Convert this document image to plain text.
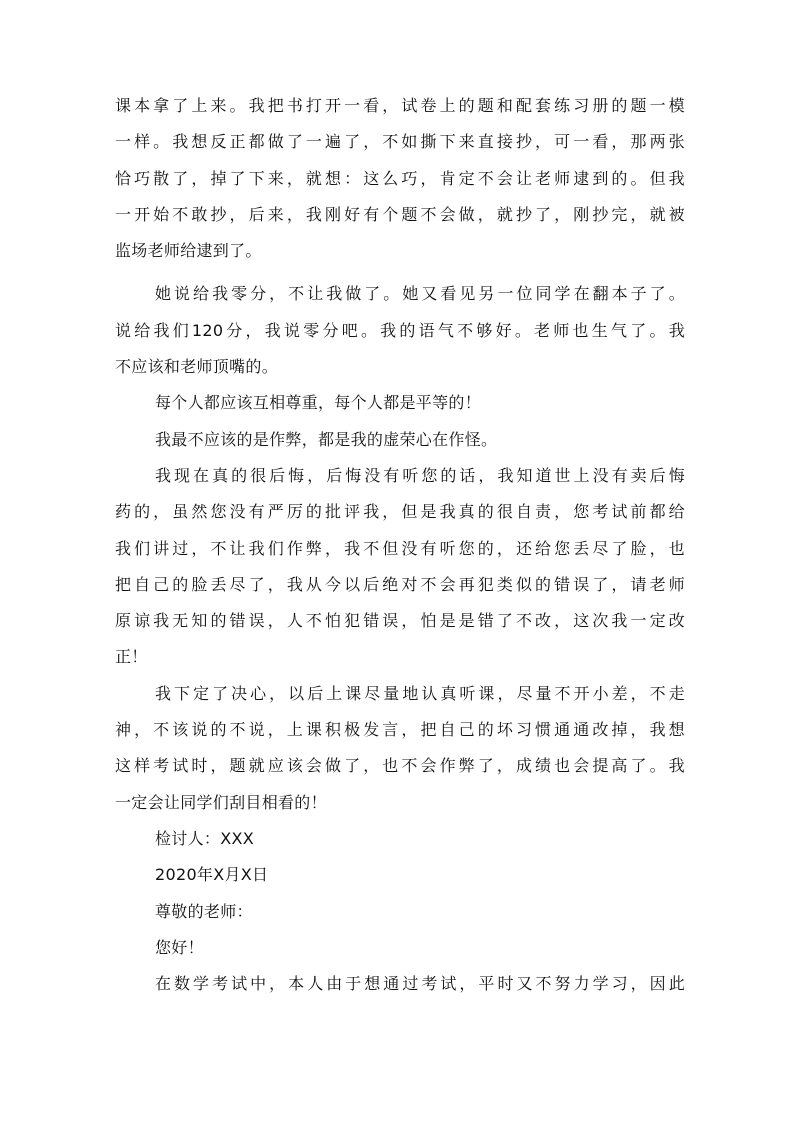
课本拿了上来。我把书打开一看，试卷上的题和配套练习册的题一模
一样。我想反正都做了一遍了，不如撕下来直接抄，可一看，那两张
恰巧散了，掉了下来，就想：这么巧，肯定不会让老师逮到的。但我
一开始不敢抄，后来，我刚好有个题不会做，就抄了，刚抄完，就被
监场老师给逮到了。
她说给我零分，不让我做了。她又看见另一位同学在翻本子了。
说给我们120分，我说零分吧。我的语气不够好。老师也生气了。我
不应该和老师顶嘴的。
每个人都应该互相尊重，每个人都是平等的！
我最不应该的是作弊，都是我的虚荣心在作怪。
我现在真的很后悔，后悔没有听您的话，我知道世上没有卖后悔
药的，虽然您没有严厉的批评我，但是我真的很自责，您考试前都给
我们讲过，不让我们作弊，我不但没有听您的，还给您丢尽了脸，也
把自己的脸丢尽了，我从今以后绝对不会再犯类似的错误了，请老师
原谅我无知的错误，人不怕犯错误，怕是是错了不改，这次我一定改
正！
我下定了决心，以后上课尽量地认真听课，尽量不开小差，不走
神，不该说的不说，上课积极发言，把自己的坏习惯通通改掉，我想
这样考试时，题就应该会做了，也不会作弊了，成绩也会提高了。我
一定会让同学们刮目相看的！
检讨人：XXX
2020年X月X日
尊敬的老师：
您好！
在数学考试中，本人由于想通过考试，平时又不努力学习，因此
